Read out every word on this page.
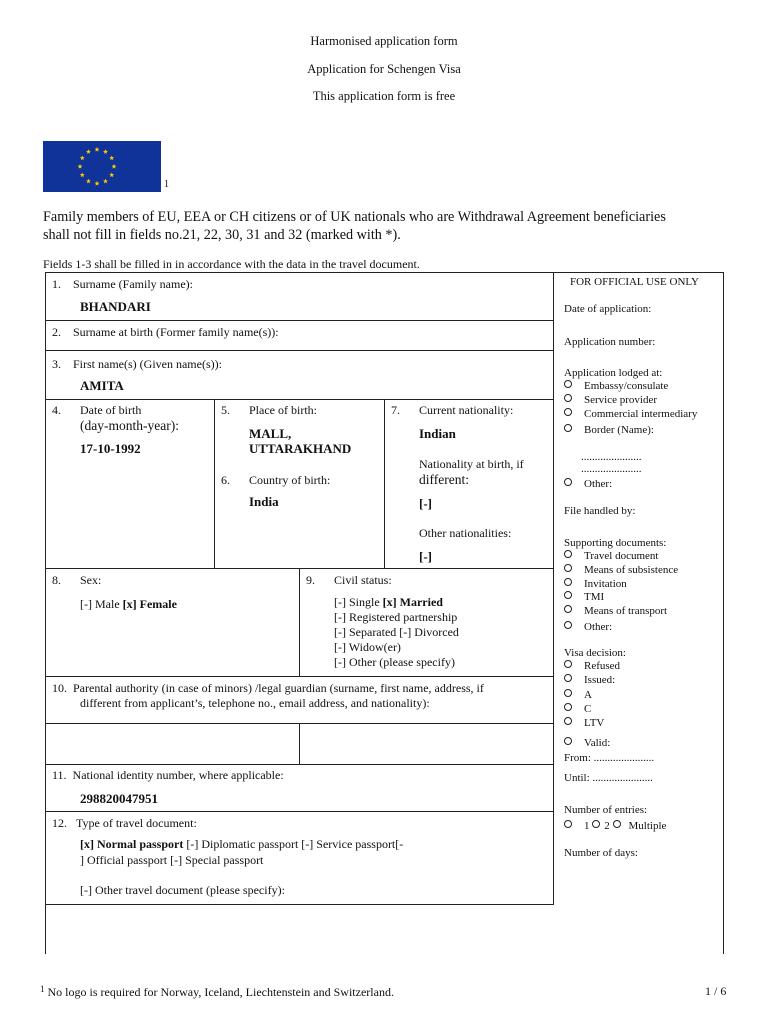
Harmonised application form
Application for Schengen Visa
This application form is free
1
Family members of EU, EEA or CH citizens or of UK nationals who are Withdrawal Agreement beneficiaries
shall not fill in fields no.21, 22, 30, 31 and 32 (marked with *).
Fields 1-3 shall be filled in in accordance with the data in the travel document.
1.    Surname (Family name):
BHANDARI
2.    Surname at birth (Former family name(s)):
3.    First name(s) (Given name(s)):
AMITA
4. Date of birth
(day-month-year):
17-10-1992
5. Place of birth:
MALL,
UTTARAKHAND
6. Country of birth:
India
7. Current nationality:
Indian
Nationality at birth, if
different:
[-]
Other nationalities:
[-]
8. Sex:
[-] Male [x] Female
9. Civil status:
[-] Single [x] Married
[-] Registered partnership
[-] Separated [-] Divorced
[-] Widow(er)
[-] Other (please specify)
10.  Parental authority (in case of minors) /legal guardian (surname, first name, address, if
different from applicant’s, telephone no., email address, and nationality):
11.  National identity number, where applicable:
298820047951
12.   Type of travel document:
[x] Normal passport [-] Diplomatic passport [-] Service passport[-
] Official passport [-] Special passport
[-] Other travel document (please specify):
FOR OFFICIAL USE ONLY
Date of application:
Application number:
Application lodged at:
Embassy/consulate
Service provider
Commercial intermediary
Border (Name):
......................
......................
Other:
File handled by:
Supporting documents:
Travel document
Means of subsistence
Invitation
TMI
Means of transport
Other:
Visa decision:
Refused
Issued:
A
C
LTV
Valid:
From: ......................
Until: ......................
Number of entries:
1 2 Multiple
Number of days:
$^1$ No logo is required for Norway, Iceland, Liechtenstein and Switzerland.	1 / 6
